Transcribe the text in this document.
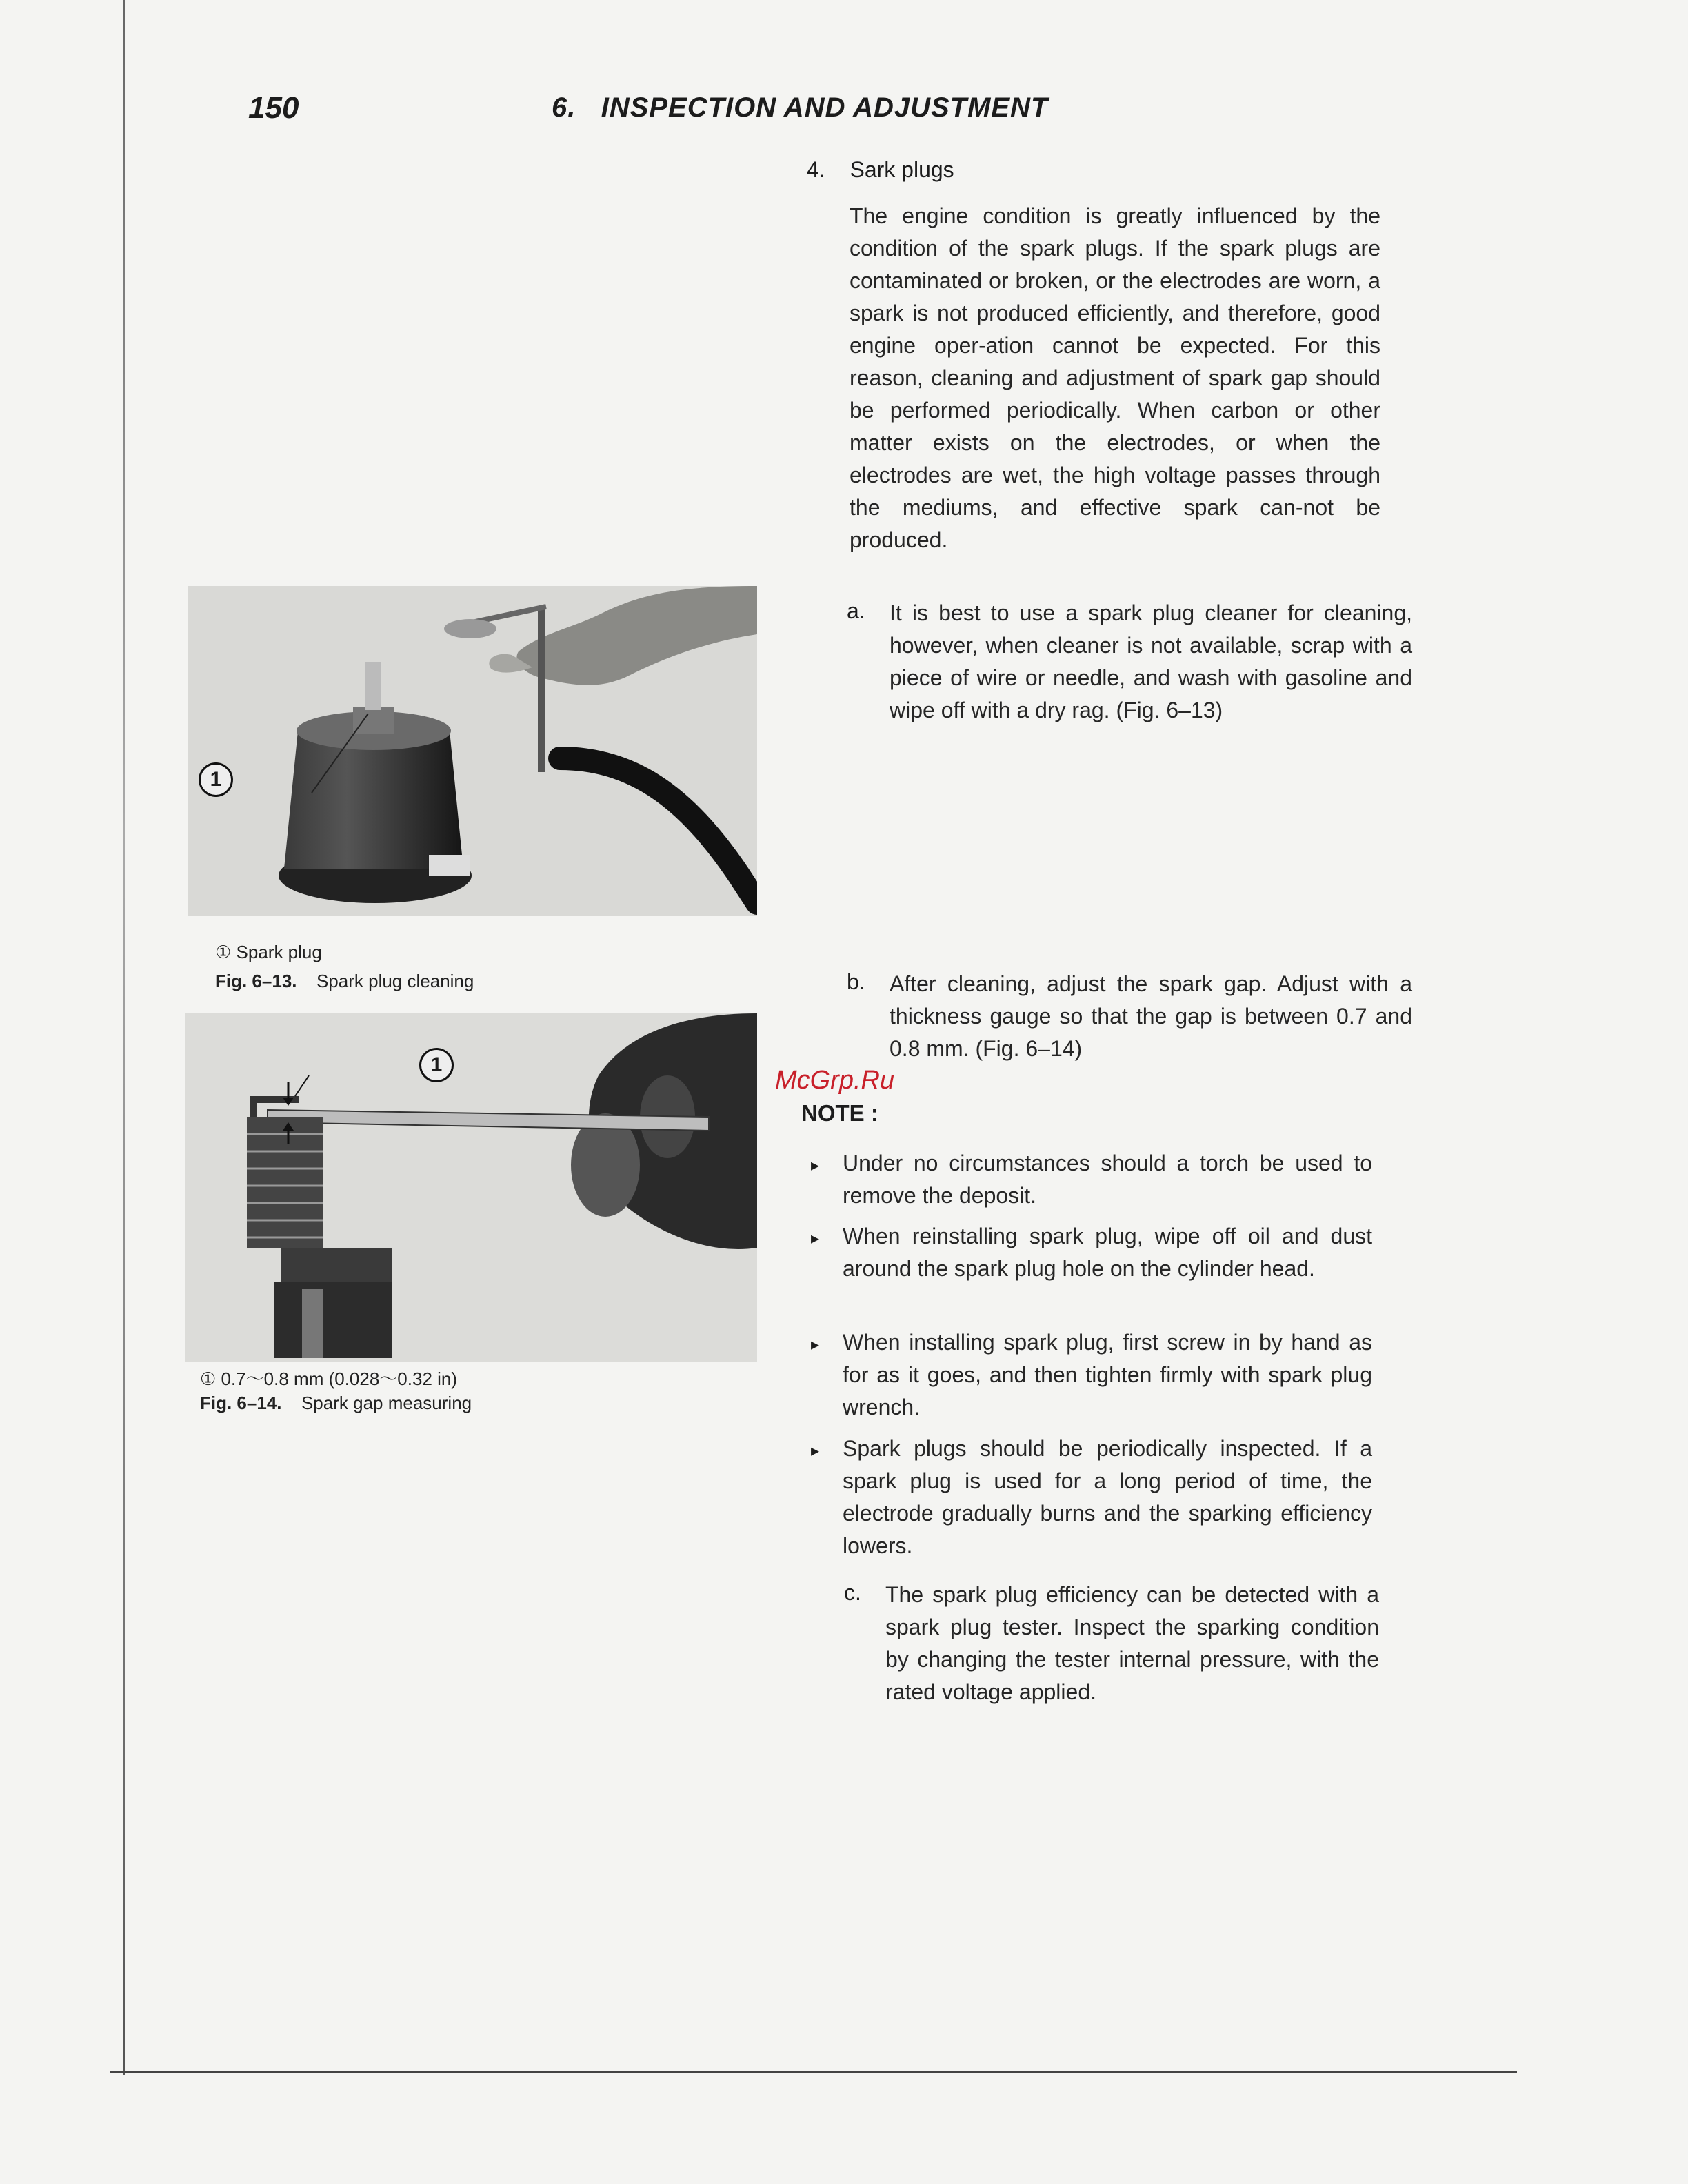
150	6.   INSPECTION AND ADJUSTMENT
4. Sark plugs
The engine condition is greatly influenced by the condition of the spark plugs. If the spark plugs are contaminated or broken, or the electrodes are worn, a spark is not produced efficiently, and therefore, good engine oper-ation cannot be expected. For this reason, cleaning and adjustment of spark gap should be performed periodically. When carbon or other matter exists on the electrodes, or when the electrodes are wet, the high voltage passes through the mediums, and effective spark can-not be produced.
a. It is best to use a spark plug cleaner for cleaning, however, when cleaner is not available, scrap with a piece of wire or needle, and wash with gasoline and wipe off with a dry rag. (Fig. 6–13)
b. After cleaning, adjust the spark gap. Adjust with a thickness gauge so that the gap is between 0.7 and 0.8 mm. (Fig. 6–14)
McGrp.Ru
NOTE :
▸ Under no circumstances should a torch be used to remove the deposit.
▸ When reinstalling spark plug, wipe off oil and dust around the spark plug hole on the cylinder head.
▸ When installing spark plug, first screw in by hand as for as it goes, and then tighten firmly with spark plug wrench.
▸ Spark plugs should be periodically inspected. If a spark plug is used for a long period of time, the electrode gradually burns and the sparking efficiency lowers.
c. The spark plug efficiency can be detected with a spark plug tester. Inspect the sparking condition by changing the tester internal pressure, with the rated voltage applied.
1
① Spark plug
Fig. 6–13. Spark plug cleaning
1
① 0.7～0.8 mm (0.028～0.32 in)
Fig. 6–14. Spark gap measuring
